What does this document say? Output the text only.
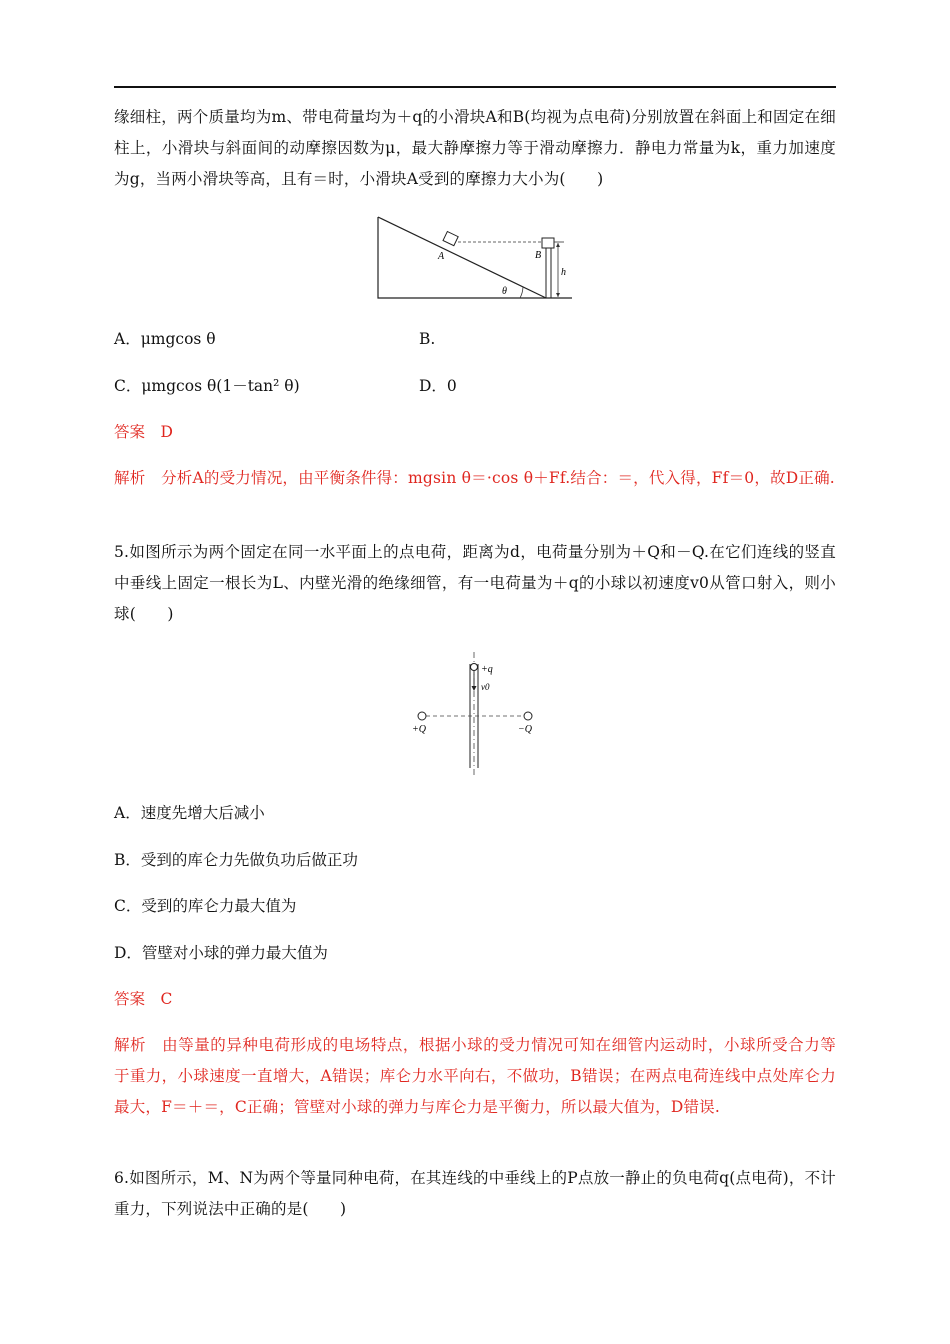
缘细柱，两个质量均为m、带电荷量均为＋q的小滑块A和B(均视为点电荷)分别放置在斜面上和固定在细柱上，小滑块与斜面间的动摩擦因数为μ，最大静摩擦力等于滑动摩擦力．静电力常量为k，重力加速度为g，当两小滑块等高，且有＝时，小滑块A受到的摩擦力大小为(　　)
A	B
h
θ
A．μmgcos θ	B.
C．μmgcos θ(1－tan² θ)	D．0
答案　D
解析　分析A的受力情况，由平衡条件得：mgsin θ＝·cos θ＋Ff.结合：＝，代入得，Ff＝0，故D正确.
5.如图所示为两个固定在同一水平面上的点电荷，距离为d，电荷量分别为＋Q和－Q.在它们连线的竖直中垂线上固定一根长为L、内壁光滑的绝缘细管，有一电荷量为＋q的小球以初速度v0从管口射入，则小球(　　)
+q
v0
+Q	−Q
A．速度先增大后减小
B．受到的库仑力先做负功后做正功
C．受到的库仑力最大值为
D．管壁对小球的弹力最大值为
答案　C
解析　由等量的异种电荷形成的电场特点，根据小球的受力情况可知在细管内运动时，小球所受合力等于重力，小球速度一直增大，A错误；库仑力水平向右，不做功，B错误；在两点电荷连线中点处库仑力最大，F＝＋＝，C正确；管壁对小球的弹力与库仑力是平衡力，所以最大值为，D错误.
6.如图所示，M、N为两个等量同种电荷，在其连线的中垂线上的P点放一静止的负电荷q(点电荷)，不计重力，下列说法中正确的是(　　)
